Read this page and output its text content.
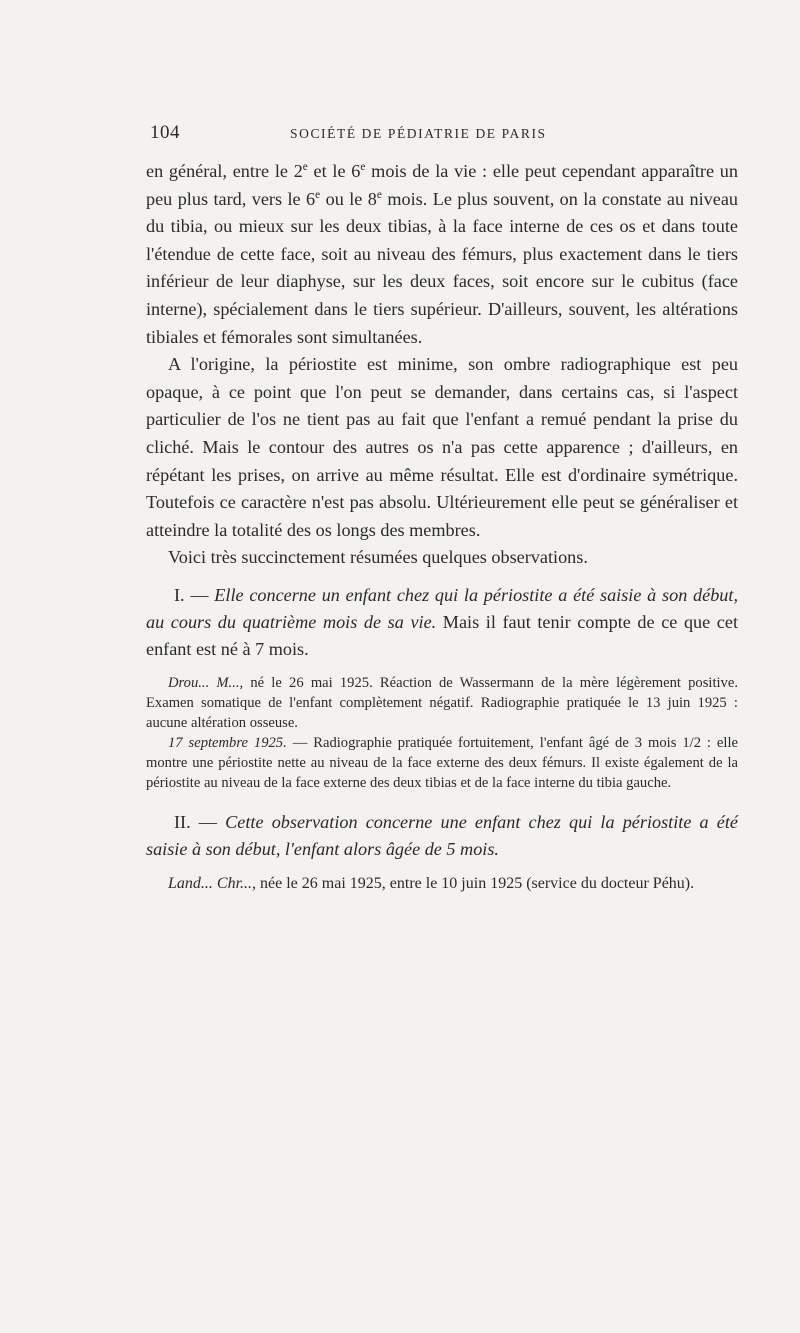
104	SOCIÉTÉ DE PÉDIATRIE DE PARIS

en général, entre le 2e et le 6e mois de la vie : elle peut cependant apparaître un peu plus tard, vers le 6e ou le 8e mois. Le plus souvent, on la constate au niveau du tibia, ou mieux sur les deux tibias, à la face interne de ces os et dans toute l'étendue de cette face, soit au niveau des fémurs, plus exactement dans le tiers inférieur de leur diaphyse, sur les deux faces, soit encore sur le cubitus (face interne), spécialement dans le tiers supérieur. D'ailleurs, souvent, les altérations tibiales et fémorales sont simultanées.

A l'origine, la périostite est minime, son ombre radiographique est peu opaque, à ce point que l'on peut se demander, dans certains cas, si l'aspect particulier de l'os ne tient pas au fait que l'enfant a remué pendant la prise du cliché. Mais le contour des autres os n'a pas cette apparence ; d'ailleurs, en répétant les prises, on arrive au même résultat. Elle est d'ordinaire symétrique. Toutefois ce caractère n'est pas absolu. Ultérieurement elle peut se généraliser et atteindre la totalité des os longs des membres.

Voici très succinctement résumées quelques observations.

I. — Elle concerne un enfant chez qui la périostite a été saisie à son début, au cours du quatrième mois de sa vie. Mais il faut tenir compte de ce que cet enfant est né à 7 mois.

Drou... M..., né le 26 mai 1925. Réaction de Wassermann de la mère légèrement positive. Examen somatique de l'enfant complètement négatif. Radiographie pratiquée le 13 juin 1925 : aucune altération osseuse.

17 septembre 1925. — Radiographie pratiquée fortuitement, l'enfant âgé de 3 mois 1/2 : elle montre une périostite nette au niveau de la face externe des deux fémurs. Il existe également de la périostite au niveau de la face externe des deux tibias et de la face interne du tibia gauche.

II. — Cette observation concerne une enfant chez qui la périostite a été saisie à son début, l'enfant alors âgée de 5 mois.

Land... Chr..., née le 26 mai 1925, entre le 10 juin 1925 (service du docteur Péhu).
